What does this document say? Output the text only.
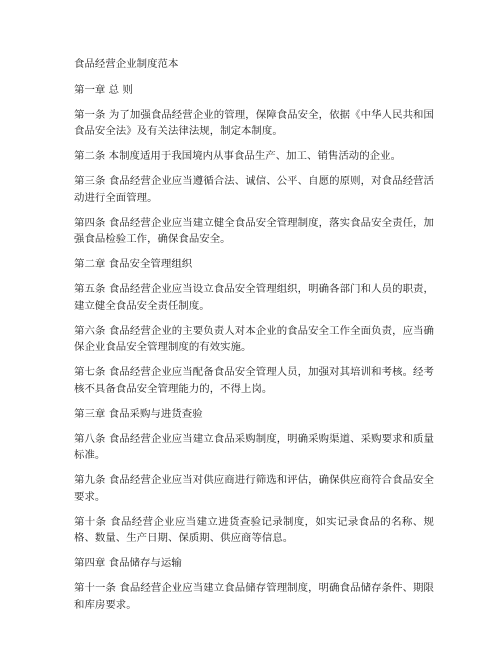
食品经营企业制度范本

第一章 总 则

第一条 为了加强食品经营企业的管理，保障食品安全，依据《中华人民共和国食品安全法》及有关法律法规，制定本制度。

第二条 本制度适用于我国境内从事食品生产、加工、销售活动的企业。

第三条 食品经营企业应当遵循合法、诚信、公平、自愿的原则，对食品经营活动进行全面管理。

第四条 食品经营企业应当建立健全食品安全管理制度，落实食品安全责任，加强食品检验工作，确保食品安全。

第二章 食品安全管理组织

第五条 食品经营企业应当设立食品安全管理组织，明确各部门和人员的职责，建立健全食品安全责任制度。

第六条 食品经营企业的主要负责人对本企业的食品安全工作全面负责，应当确保企业食品安全管理制度的有效实施。

第七条 食品经营企业应当配备食品安全管理人员，加强对其培训和考核。经考核不具备食品安全管理能力的，不得上岗。

第三章 食品采购与进货查验

第八条 食品经营企业应当建立食品采购制度，明确采购渠道、采购要求和质量标准。

第九条 食品经营企业应当对供应商进行筛选和评估，确保供应商符合食品安全要求。

第十条 食品经营企业应当建立进货查验记录制度，如实记录食品的名称、规格、数量、生产日期、保质期、供应商等信息。

第四章 食品储存与运输

第十一条 食品经营企业应当建立食品储存管理制度，明确食品储存条件、期限和库房要求。
